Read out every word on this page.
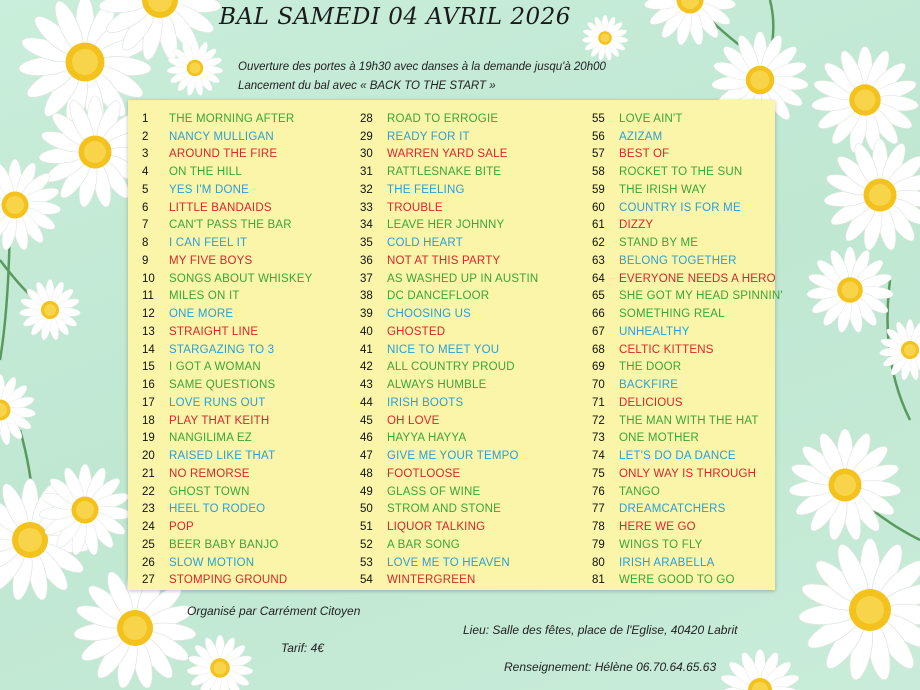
BAL SAMEDI 04 AVRIL 2026
Ouverture des portes à 19h30 avec danses à la demande jusqu'à 20h00
Lancement du bal avec « BACK TO THE START »
1	THE MORNING AFTER
2	NANCY MULLIGAN
3	AROUND THE FIRE
4	ON THE HILL
5	YES I'M DONE
6	LITTLE BANDAIDS
7	CAN'T PASS THE BAR
8	I CAN FEEL IT
9	MY FIVE BOYS
10	SONGS ABOUT WHISKEY
11	MILES ON IT
12	ONE MORE
13	STRAIGHT LINE
14	STARGAZING TO 3
15	I GOT A WOMAN
16	SAME QUESTIONS
17	LOVE RUNS OUT
18	PLAY THAT KEITH
19	NANGILIMA EZ
20	RAISED LIKE THAT
21	NO REMORSE
22	GHOST TOWN
23	HEEL TO RODEO
24	POP
25	BEER BABY BANJO
26	SLOW MOTION
27	STOMPING GROUND
28	ROAD TO ERROGIE
29	READY FOR IT
30	WARREN YARD SALE
31	RATTLESNAKE BITE
32	THE FEELING
33	TROUBLE
34	LEAVE HER JOHNNY
35	COLD HEART
36	NOT AT THIS PARTY
37	AS WASHED UP IN AUSTIN
38	DC DANCEFLOOR
39	CHOOSING US
40	GHOSTED
41	NICE TO MEET YOU
42	ALL COUNTRY PROUD
43	ALWAYS HUMBLE
44	IRISH BOOTS
45	OH LOVE
46	HAYYA HAYYA
47	GIVE ME YOUR TEMPO
48	FOOTLOOSE
49	GLASS OF WINE
50	STROM AND STONE
51	LIQUOR TALKING
52	A BAR SONG
53	LOVE ME TO HEAVEN
54	WINTERGREEN
55	LOVE AIN'T
56	AZIZAM
57	BEST OF
58	ROCKET TO THE SUN
59	THE IRISH WAY
60	COUNTRY IS FOR ME
61	DIZZY
62	STAND BY ME
63	BELONG TOGETHER
64	EVERYONE NEEDS A HERO
65	SHE GOT MY HEAD SPINNIN'
66	SOMETHING REAL
67	UNHEALTHY
68	CELTIC KITTENS
69	THE DOOR
70	BACKFIRE
71	DELICIOUS
72	THE MAN WITH THE HAT
73	ONE MOTHER
74	LET'S DO DA DANCE
75	ONLY WAY IS THROUGH
76	TANGO
77	DREAMCATCHERS
78	HERE WE GO
79	WINGS TO FLY
80	IRISH ARABELLA
81	WERE GOOD TO GO
Organisé par Carrément Citoyen
Lieu: Salle des fêtes, place de l'Eglise, 40420 Labrit
Tarif: 4€
Renseignement: Hélène 06.70.64.65.63
